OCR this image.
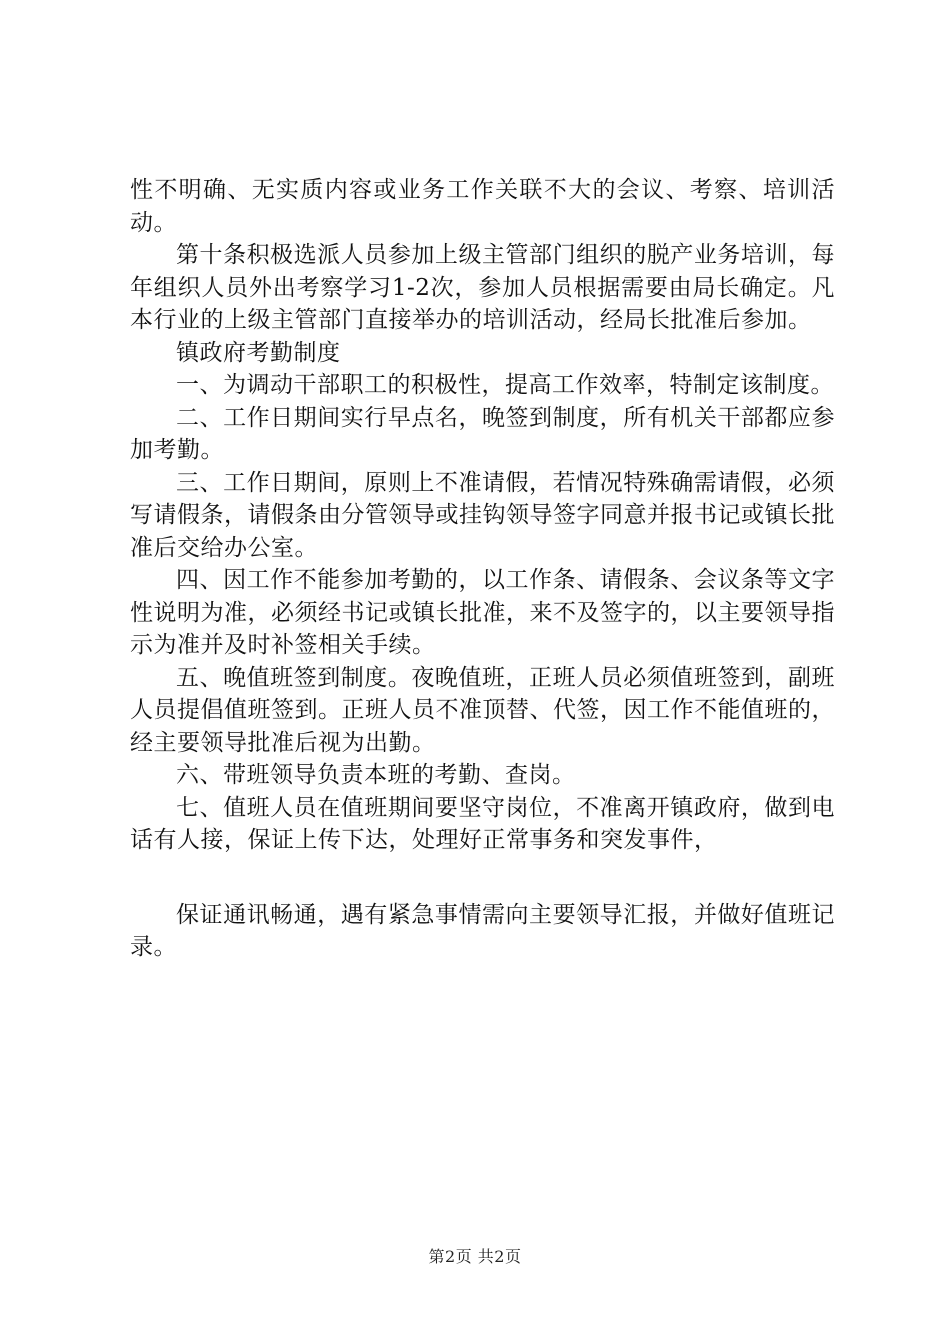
性不明确、无实质内容或业务工作关联不大的会议、考察、培训活动。

第十条积极选派人员参加上级主管部门组织的脱产业务培训，每年组织人员外出考察学习1-2次，参加人员根据需要由局长确定。凡本行业的上级主管部门直接举办的培训活动，经局长批准后参加。

镇政府考勤制度

一、为调动干部职工的积极性，提高工作效率，特制定该制度。

二、工作日期间实行早点名，晚签到制度，所有机关干部都应参加考勤。

三、工作日期间，原则上不准请假，若情况特殊确需请假，必须写请假条，请假条由分管领导或挂钩领导签字同意并报书记或镇长批准后交给办公室。

四、因工作不能参加考勤的，以工作条、请假条、会议条等文字性说明为准，必须经书记或镇长批准，来不及签字的，以主要领导指示为准并及时补签相关手续。

五、晚值班签到制度。夜晚值班，正班人员必须值班签到，副班人员提倡值班签到。正班人员不准顶替、代签，因工作不能值班的，经主要领导批准后视为出勤。

六、带班领导负责本班的考勤、查岗。

七、值班人员在值班期间要坚守岗位，不准离开镇政府，做到电话有人接，保证上传下达，处理好正常事务和突发事件，

保证通讯畅通，遇有紧急事情需向主要领导汇报，并做好值班记录。

第2页 共2页
